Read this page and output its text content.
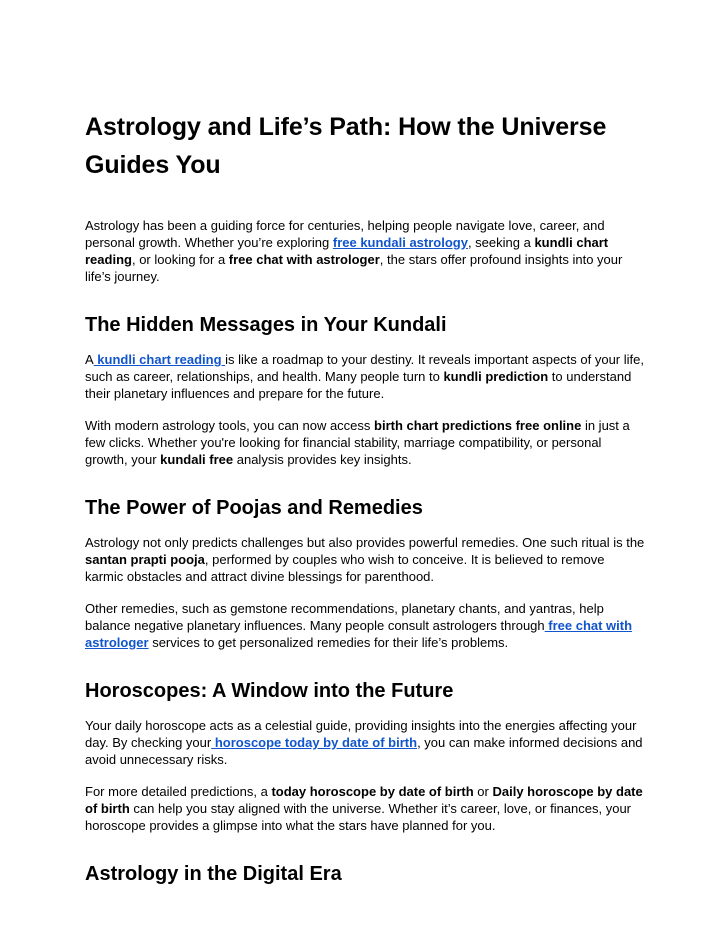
Astrology and Life’s Path: How the Universe Guides You

Astrology has been a guiding force for centuries, helping people navigate love, career, and personal growth. Whether you’re exploring free kundali astrology, seeking a kundli chart reading, or looking for a free chat with astrologer, the stars offer profound insights into your life’s journey.

The Hidden Messages in Your Kundali

A kundli chart reading is like a roadmap to your destiny. It reveals important aspects of your life, such as career, relationships, and health. Many people turn to kundli prediction to understand their planetary influences and prepare for the future.

With modern astrology tools, you can now access birth chart predictions free online in just a few clicks. Whether you're looking for financial stability, marriage compatibility, or personal growth, your kundali free analysis provides key insights.

The Power of Poojas and Remedies

Astrology not only predicts challenges but also provides powerful remedies. One such ritual is the santan prapti pooja, performed by couples who wish to conceive. It is believed to remove karmic obstacles and attract divine blessings for parenthood.

Other remedies, such as gemstone recommendations, planetary chants, and yantras, help balance negative planetary influences. Many people consult astrologers through free chat with astrologer services to get personalized remedies for their life’s problems.

Horoscopes: A Window into the Future

Your daily horoscope acts as a celestial guide, providing insights into the energies affecting your day. By checking your horoscope today by date of birth, you can make informed decisions and avoid unnecessary risks.

For more detailed predictions, a today horoscope by date of birth or Daily horoscope by date of birth can help you stay aligned with the universe. Whether it’s career, love, or finances, your horoscope provides a glimpse into what the stars have planned for you.

Astrology in the Digital Era
